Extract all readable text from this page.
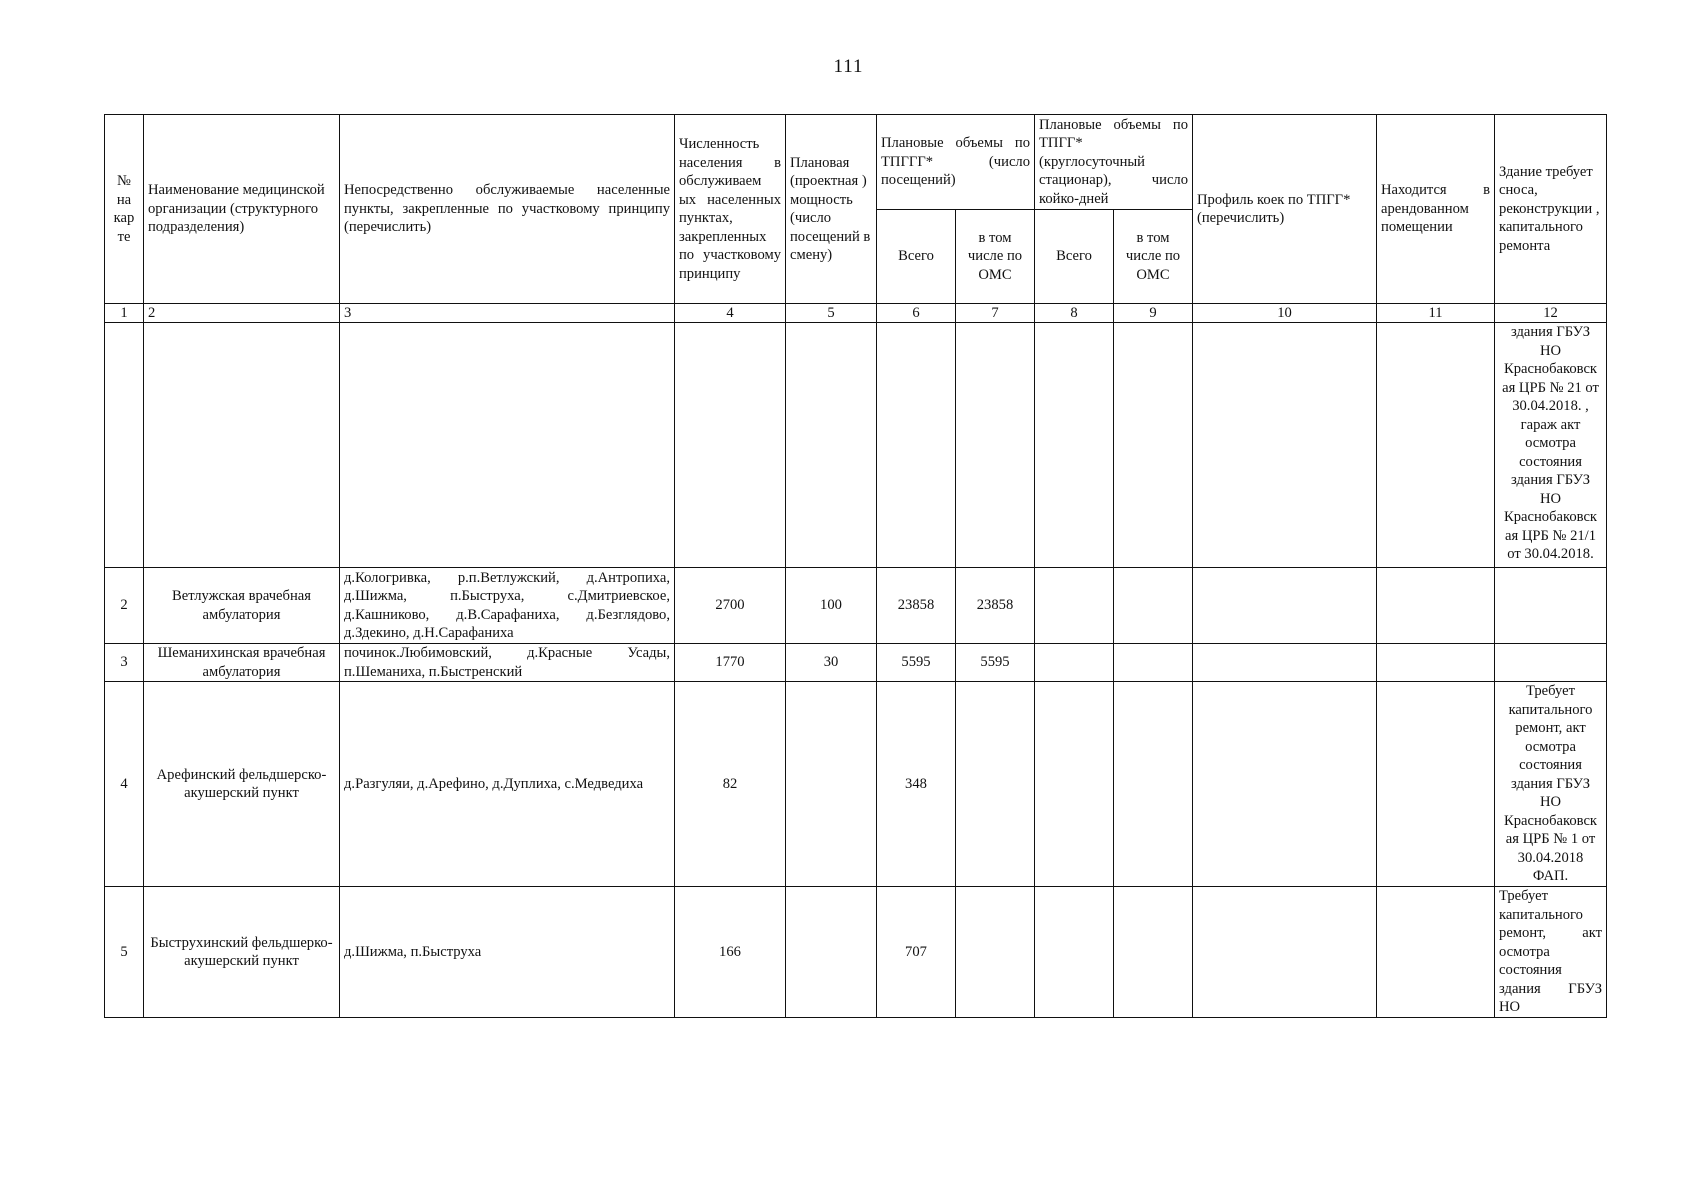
111
№ на кар те	Наименование медицинской организации (структурного подразделения)	Непосредственно обслуживаемые населенные пункты, закрепленные по участковому принципу (перечислить)	Численность населения в обслуживаем ых населенных пунктах, закрепленных по участковому принципу	Плановая (проектная ) мощность (число посещений в смену)	Плановые объемы по ТПГГГ* (число посещений)		Плановые объемы по ТПГГ* (круглосуточный стационар), число койко-дней		Профиль коек по ТПГГ* (перечислить)	Находится в арендованном помещении	Здание требует сноса, реконструкции , капитального ремонта
					Всего	в том числе по ОМС	Всего	в том числе по ОМС			
1	2	3	4	5	6	7	8	9	10	11	12
											здания ГБУЗ НО Краснобаковск ая ЦРБ № 21 от 30.04.2018. , гараж акт осмотра состояния здания ГБУЗ НО Краснобаковск ая ЦРБ № 21/1 от 30.04.2018.
2	Ветлужская врачебная амбулатория	д.Кологривка, р.п.Ветлужский, д.Антропиха, д.Шижма, п.Быструха, с.Дмитриевское, д.Кашниково, д.В.Сарафаниха, д.Безглядово, д.Здекино, д.Н.Сарафаниха	2700	100	23858	23858					
3	Шеманихинская врачебная амбулатория	починок.Любимовский, д.Красные Усады, п.Шеманиха, п.Быстренский	1770	30	5595	5595					
4	Арефинский фельдшерско-акушерский пункт	д.Разгуляи, д.Арефино, д.Дуплиха, с.Медведиха	82		348						Требует капитального ремонт, акт осмотра состояния здания ГБУЗ НО Краснобаковск ая ЦРБ № 1 от 30.04.2018 ФАП.
5	Быструхинский фельдшерко-акушерский пункт	д.Шижма, п.Быструха	166		707						Требует капитального ремонт, акт осмотра состояния здания ГБУЗ НО
